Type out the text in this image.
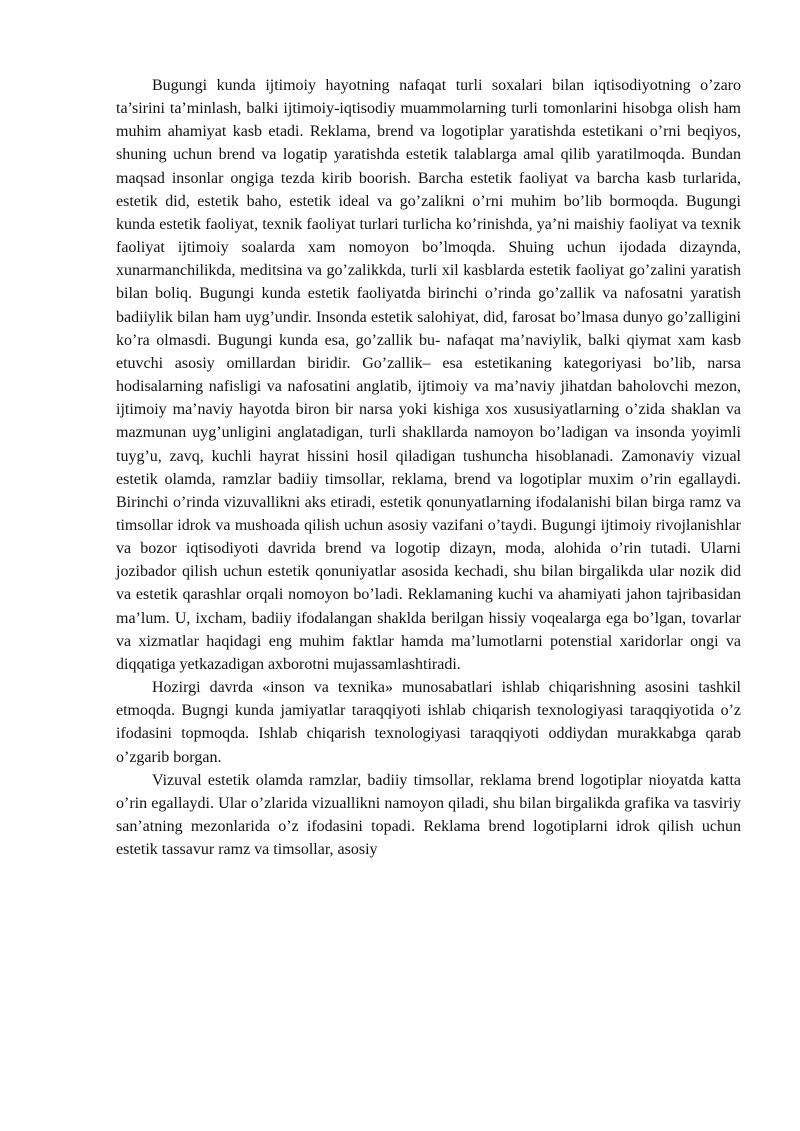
Bugungi kunda ijtimoiy hayotning nafaqat turli soxalari bilan iqtisodiyotning o’zaro ta’sirini ta’minlash, balki ijtimoiy-iqtisodiy muammolarning turli tomonlarini hisobga olish ham muhim ahamiyat kasb etadi. Reklama, brend va logotiplar yaratishda estetikani o’rni beqiyos, shuning uchun brend va logatip yaratishda estetik talablarga amal qilib yaratilmoqda. Bundan maqsad insonlar ongiga tezda kirib boorish. Barcha estetik faoliyat va barcha kasb turlarida, estetik did, estetik baho, estetik ideal va go’zalikni o’rni muhim bo’lib bormoqda. Bugungi kunda estetik faoliyat, texnik faoliyat turlari turlicha ko’rinishda, ya’ni maishiy faoliyat va texnik faoliyat ijtimoiy soalarda xam nomoyon bo’lmoqda. Shuing uchun ijodada dizaynda, xunarmanchilikda, meditsina va go’zalikkda, turli xil kasblarda estetik faoliyat go’zalini yaratish bilan boliq. Bugungi kunda estetik faoliyatda birinchi o’rinda go’zallik va nafosatni yaratish badiiylik bilan ham uyg’undir. Insonda estetik salohiyat, did, farosat bo’lmasa dunyo go’zalligini ko’ra olmasdi. Bugungi kunda esa, go’zallik bu- nafaqat ma’naviylik, balki qiymat xam kasb etuvchi asosiy omillardan biridir. Go’zallik– esa estetikaning kategoriyasi bo’lib, narsa hodisalarning nafisligi va nafosatini anglatib, ijtimoiy va ma’naviy jihatdan baholovchi mezon, ijtimoiy ma’naviy hayotda biron bir narsa yoki kishiga xos xususiyatlarning o’zida shaklan va mazmunan uyg’unligini anglatadigan, turli shakllarda namoyon bo’ladigan va insonda yoyimli tuyg’u, zavq, kuchli hayrat hissini hosil qiladigan tushuncha hisoblanadi. Zamonaviy vizual estetik olamda, ramzlar badiiy timsollar, reklama, brend va logotiplar muxim o’rin egallaydi. Birinchi o’rinda vizuvallikni aks etiradi, estetik qonunyatlarning ifodalanishi bilan birga ramz va timsollar idrok va mushoada qilish uchun asosiy vazifani o’taydi. Bugungi ijtimoiy rivojlanishlar va bozor iqtisodiyoti davrida brend va logotip dizayn, moda, alohida o’rin tutadi. Ularni jozibador qilish uchun estetik qonuniyatlar asosida kechadi, shu bilan birgalikda ular nozik did va estetik qarashlar orqali nomoyon bo’ladi. Reklamaning kuchi va ahamiyati jahon tajribasidan ma’lum. U, ixcham, badiiy ifodalangan shaklda berilgan hissiy voqealarga ega bo’lgan, tovarlar va xizmatlar haqidagi eng muhim faktlar hamda ma’lumotlarni potenstial xaridorlar ongi va diqqatiga yetkazadigan axborotni mujassamlashtiradi.

Hozirgi davrda «inson va texnika» munosabatlari ishlab chiqarishning asosini tashkil etmoqda. Bugngi kunda jamiyatlar taraqqiyoti ishlab chiqarish texnologiyasi taraqqiyotida o’z ifodasini topmoqda. Ishlab chiqarish texnologiyasi taraqqiyoti oddiydan murakkabga qarab o’zgarib borgan.

Vizuval estetik olamda ramzlar, badiiy timsollar, reklama brend logotiplar nioyatda katta o’rin egallaydi. Ular o’zlarida vizuallikni namoyon qiladi, shu bilan birgalikda grafika va tasviriy san’atning mezonlarida o’z ifodasini topadi. Reklama brend logotiplarni idrok qilish uchun estetik tassavur ramz va timsollar, asosiy
